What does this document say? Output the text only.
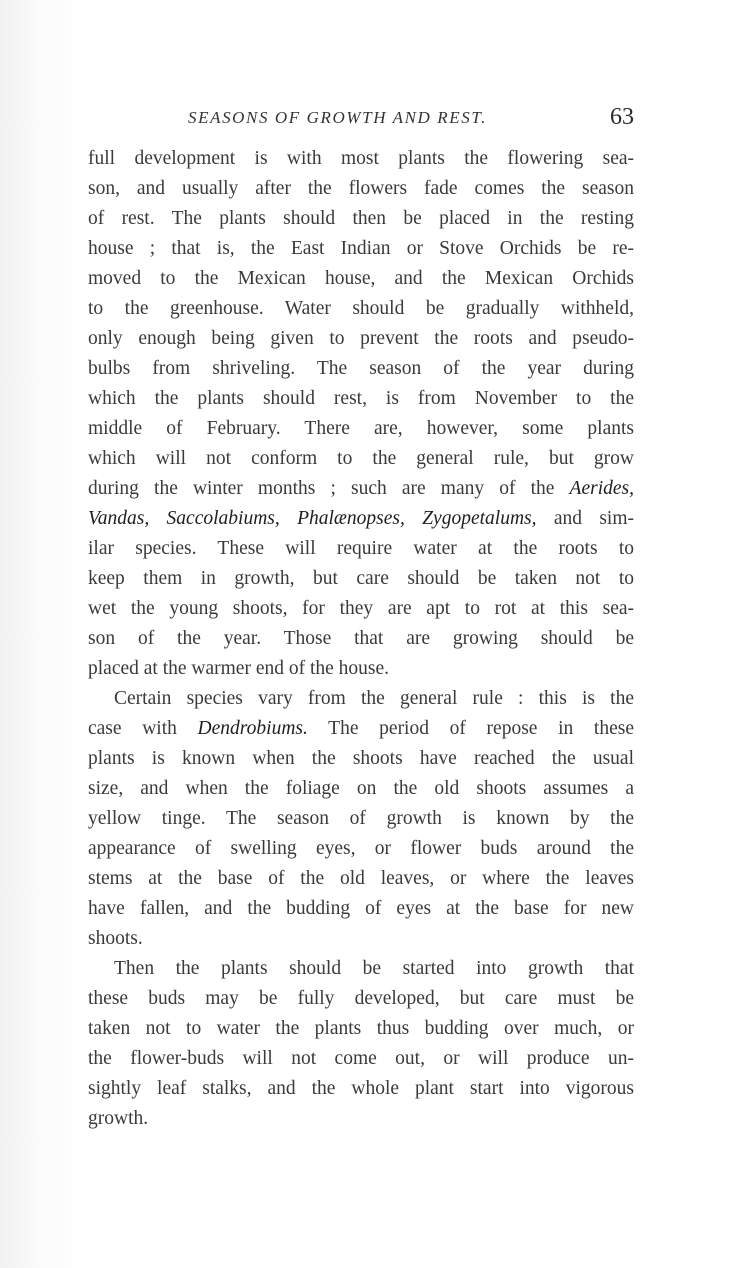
SEASONS OF GROWTH AND REST.	63
full development is with most plants the flowering sea-
son, and usually after the flowers fade comes the season
of rest. The plants should then be placed in the resting
house ; that is, the East Indian or Stove Orchids be re-
moved to the Mexican house, and the Mexican Orchids
to the greenhouse. Water should be gradually withheld,
only enough being given to prevent the roots and pseudo-
bulbs from shriveling. The season of the year during
which the plants should rest, is from November to the
middle of February. There are, however, some plants
which will not conform to the general rule, but grow
during the winter months ; such are many of the Aerides,
Vandas, Saccolabiums, Phalænopses, Zygopetalums, and sim-
ilar species. These will require water at the roots to
keep them in growth, but care should be taken not to
wet the young shoots, for they are apt to rot at this sea-
son of the year. Those that are growing should be
placed at the warmer end of the house.
Certain species vary from the general rule : this is the
case with Dendrobiums. The period of repose in these
plants is known when the shoots have reached the usual
size, and when the foliage on the old shoots assumes a
yellow tinge. The season of growth is known by the
appearance of swelling eyes, or flower buds around the
stems at the base of the old leaves, or where the leaves
have fallen, and the budding of eyes at the base for new
shoots.
Then the plants should be started into growth that
these buds may be fully developed, but care must be
taken not to water the plants thus budding over much, or
the flower-buds will not come out, or will produce un-
sightly leaf stalks, and the whole plant start into vigorous
growth.
